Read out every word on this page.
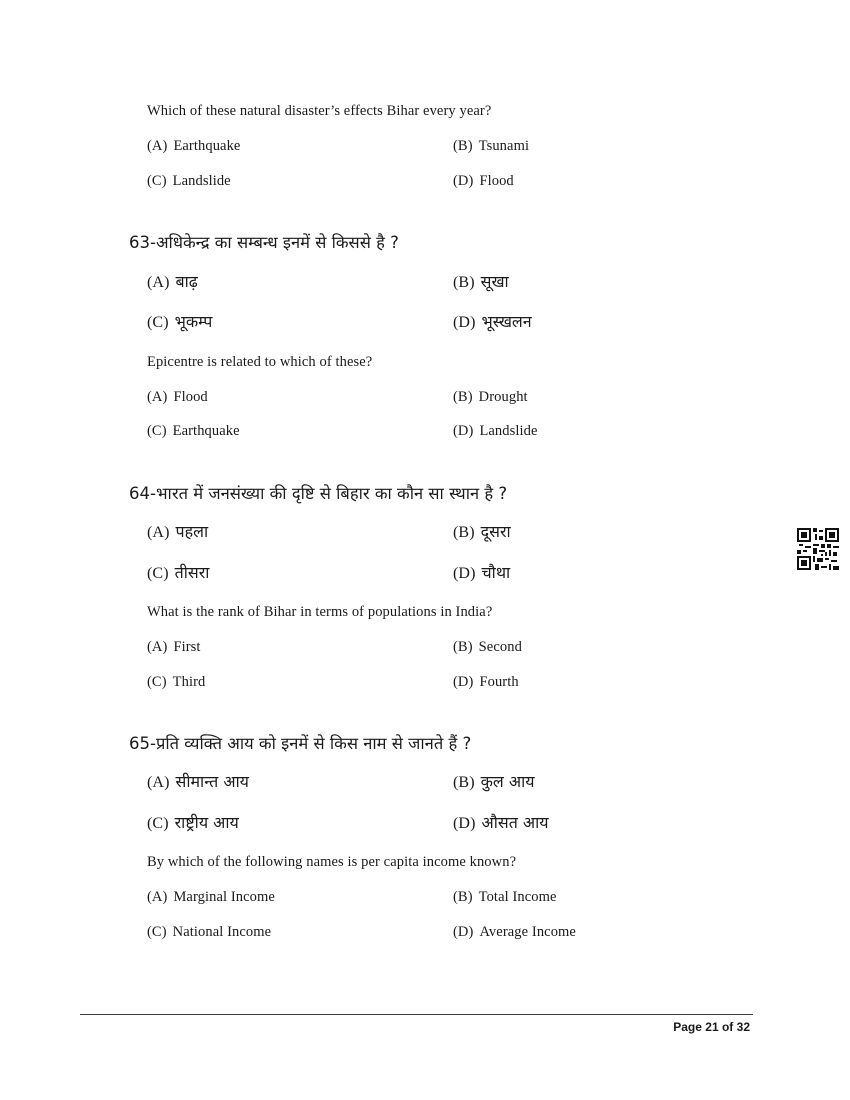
Which of these natural disaster’s effects Bihar every year?
(A) Earthquake	(B) Tsunami
(C) Landslide	(D) Flood
63-अधिकेन्द्र का सम्बन्ध इनमें से किससे है ?
(A) बाढ़	(B) सूखा
(C) भूकम्प	(D) भूस्खलन
Epicentre is related to which of these?
(A) Flood	(B) Drought
(C) Earthquake	(D) Landslide
64-भारत में जनसंख्या की दृष्टि से बिहार का कौन सा स्थान है ?
(A) पहला	(B) दूसरा
(C) तीसरा	(D) चौथा
What is the rank of Bihar in terms of populations in India?
(A) First	(B) Second
(C) Third	(D) Fourth
65-प्रति व्यक्ति आय को इनमें से किस नाम से जानते हैं ?
(A) सीमान्त आय	(B) कुल आय
(C) राष्ट्रीय आय	(D) औसत आय
By which of the following names is per capita income known?
(A) Marginal Income	(B) Total Income
(C) National Income	(D) Average Income
Page 21 of 32
